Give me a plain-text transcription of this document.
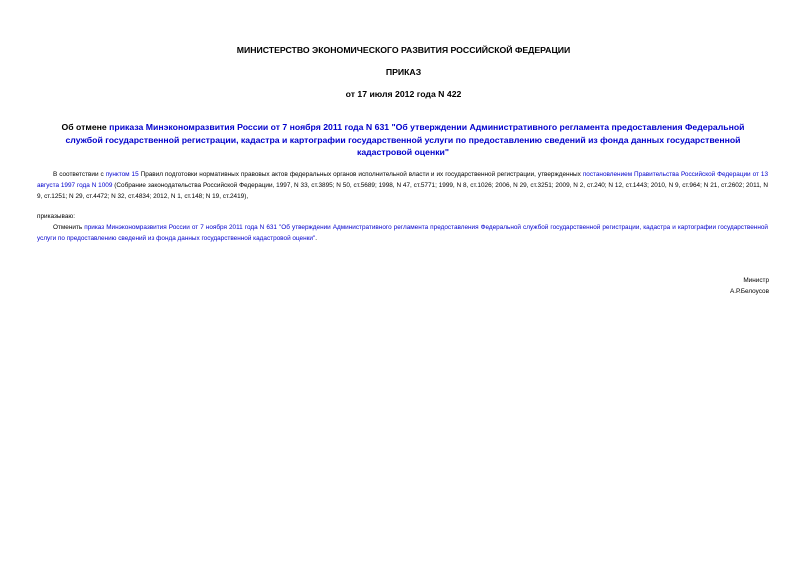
МИНИСТЕРСТВО ЭКОНОМИЧЕСКОГО РАЗВИТИЯ РОССИЙСКОЙ ФЕДЕРАЦИИ
ПРИКАЗ
от 17 июля 2012 года N 422
Об отмене приказа Минэкономразвития России от 7 ноября 2011 года N 631 "Об утверждении Административного регламента предоставления Федеральной службой государственной регистрации, кадастра и картографии государственной услуги по предоставлению сведений из фонда данных государственной кадастровой оценки"
В соответствии с пунктом 15 Правил подготовки нормативных правовых актов федеральных органов исполнительной власти и их государственной регистрации, утвержденных постановлением Правительства Российской Федерации от 13 августа 1997 года N 1009 (Собрание законодательства Российской Федерации, 1997, N 33, ст.3895; N 50, ст.5689; 1998, N 47, ст.5771; 1999, N 8, ст.1026; 2006, N 29, ст.3251; 2009, N 2, ст.240; N 12, ст.1443; 2010, N 9, ст.964; N 21, ст.2602; 2011, N 9, ст.1251; N 29, ст.4472; N 32, ст.4834; 2012, N 1, ст.148; N 19, ст.2419),
приказываю:
Отменить приказ Минэкономразвития России от 7 ноября 2011 года N 631 "Об утверждении Административного регламента предоставления Федеральной службой государственной регистрации, кадастра и картографии государственной услуги по предоставлению сведений из фонда данных государственной кадастровой оценки".
Министр
А.Р.Белоусов
